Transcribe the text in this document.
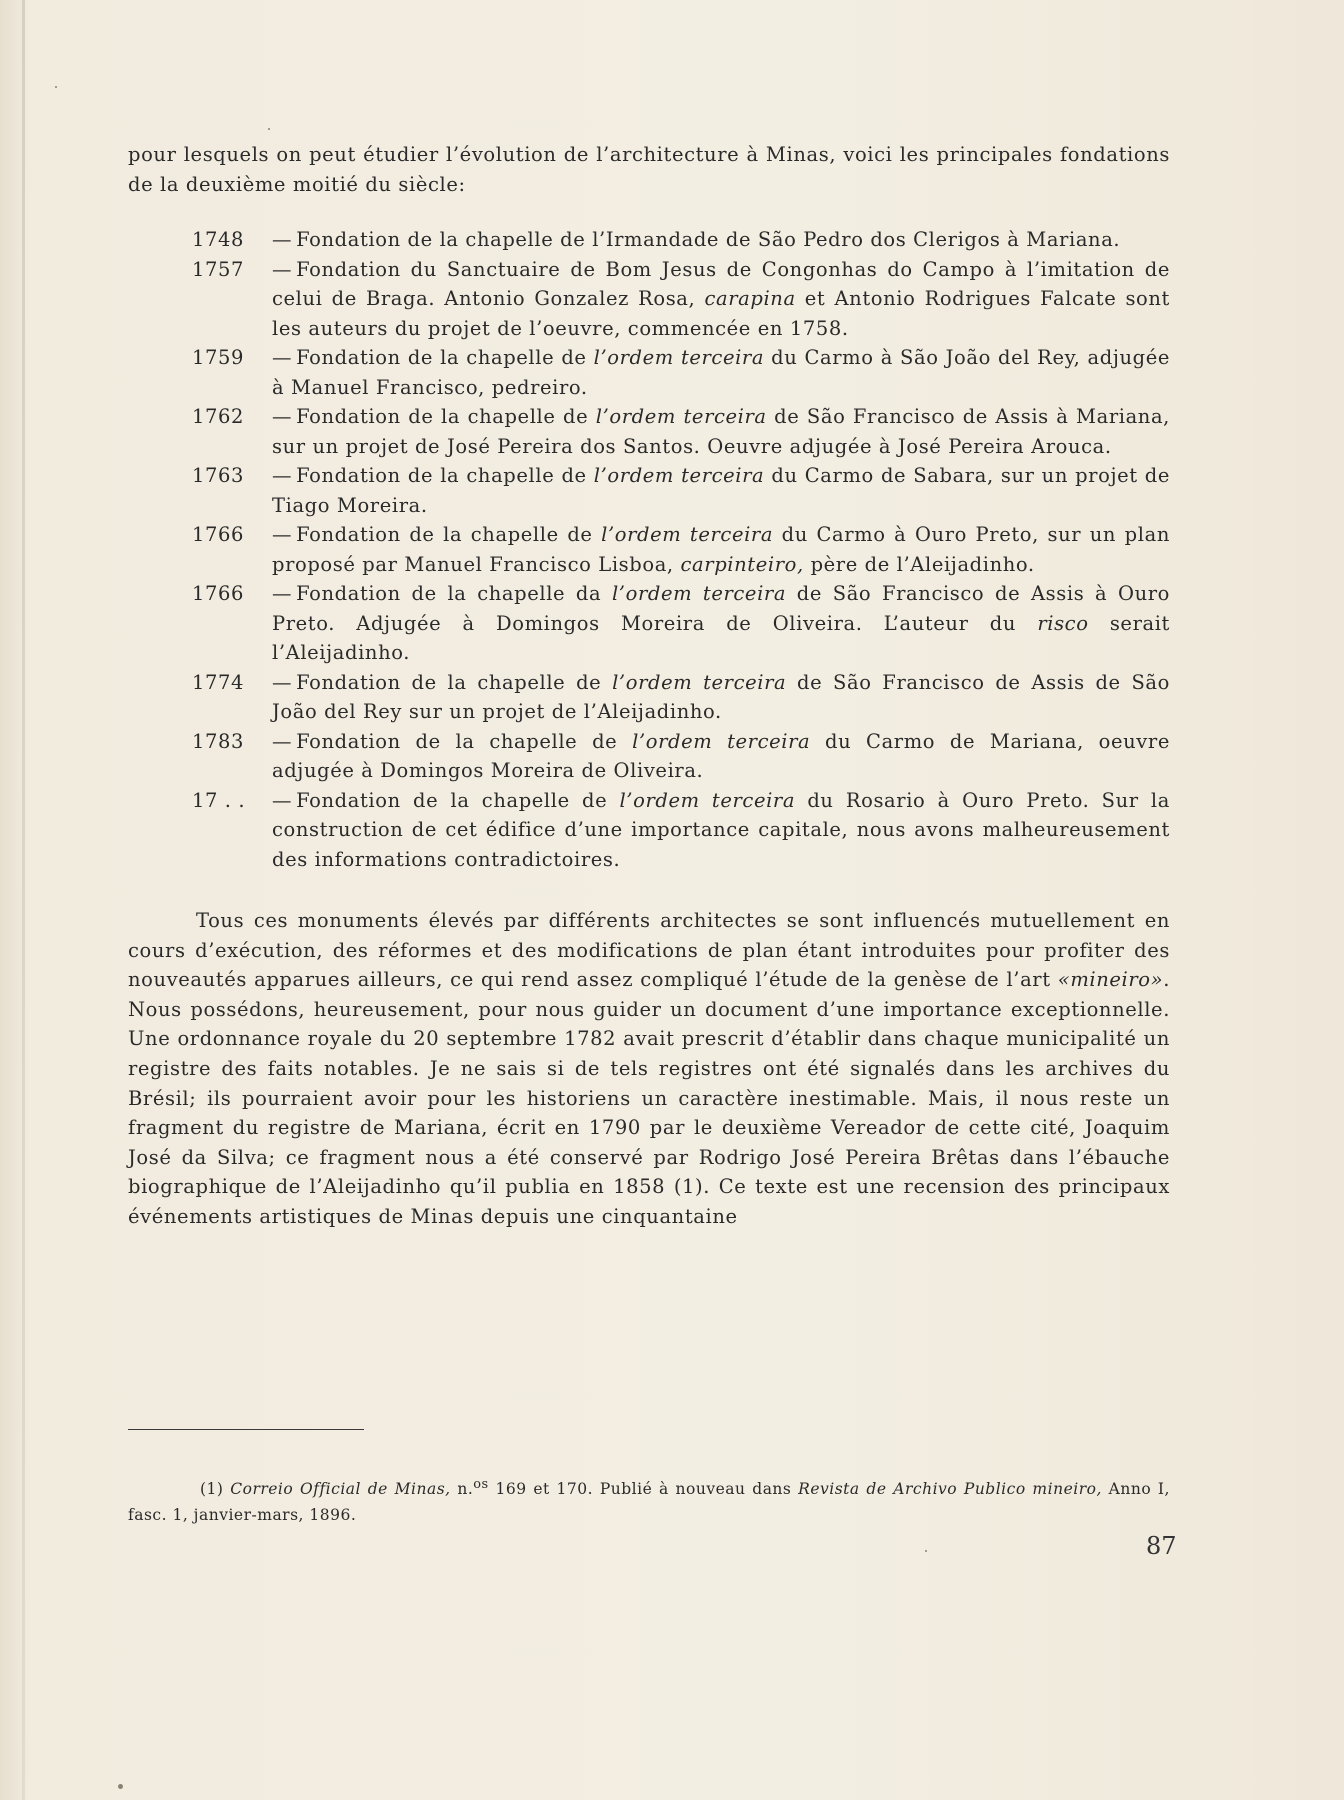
pour lesquels on peut étudier l’évolution de l’architecture à Minas, voici les principales fondations de la deuxième moitié du siècle:

1748	— Fondation de la chapelle de l’Irmandade de São Pedro dos Clerigos à Mariana.
1757	— Fondation du Sanctuaire de Bom Jesus de Congonhas do Campo à l’imitation de celui de Braga. Antonio Gonzalez Rosa, carapina et Antonio Rodrigues Falcate sont les auteurs du projet de l’oeuvre, commencée en 1758.
1759	— Fondation de la chapelle de l’ordem terceira du Carmo à São João del Rey, adjugée à Manuel Francisco, pedreiro.
1762	— Fondation de la chapelle de l’ordem terceira de São Francisco de Assis à Mariana, sur un projet de José Pereira dos Santos. Oeuvre adjugée à José Pereira Arouca.
1763	— Fondation de la chapelle de l’ordem terceira du Carmo de Sabara, sur un projet de Tiago Moreira.
1766	— Fondation de la chapelle de l’ordem terceira du Carmo à Ouro Preto, sur un plan proposé par Manuel Francisco Lisboa, carpinteiro, père de l’Aleijadinho.
1766	— Fondation de la chapelle da l’ordem terceira de São Francisco de Assis à Ouro Preto. Adjugée à Domingos Moreira de Oliveira. L’auteur du risco serait l’Aleijadinho.
1774	— Fondation de la chapelle de l’ordem terceira de São Francisco de Assis de São João del Rey sur un projet de l’Aleijadinho.
1783	— Fondation de la chapelle de l’ordem terceira du Carmo de Mariana, oeuvre adjugée à Domingos Moreira de Oliveira.
17 . .	— Fondation de la chapelle de l’ordem terceira du Rosario à Ouro Preto. Sur la construction de cet édifice d’une importance capitale, nous avons malheureusement des informations contradictoires.

Tous ces monuments élevés par différents architectes se sont influencés mutuellement en cours d’exécution, des réformes et des modifications de plan étant introduites pour profiter des nouveautés apparues ailleurs, ce qui rend assez compliqué l’étude de la genèse de l’art «mineiro». Nous possédons, heureusement, pour nous guider un document d’une importance exceptionnelle. Une ordonnance royale du 20 septembre 1782 avait prescrit d’établir dans chaque municipalité un registre des faits notables. Je ne sais si de tels registres ont été signalés dans les archives du Brésil; ils pourraient avoir pour les historiens un caractère inestimable. Mais, il nous reste un fragment du registre de Mariana, écrit en 1790 par le deuxième Vereador de cette cité, Joaquim José da Silva; ce fragment nous a été conservé par Rodrigo José Pereira Brêtas dans l’ébauche biographique de l’Aleijadinho qu’il publia en 1858 (1). Ce texte est une recension des principaux événements artistiques de Minas depuis une cinquantaine

(1) Correio Official de Minas, n.$^{os}$ 169 et 170. Publié à nouveau dans Revista de Archivo Publico mineiro, Anno I, fasc. 1, janvier-mars, 1896.

87
